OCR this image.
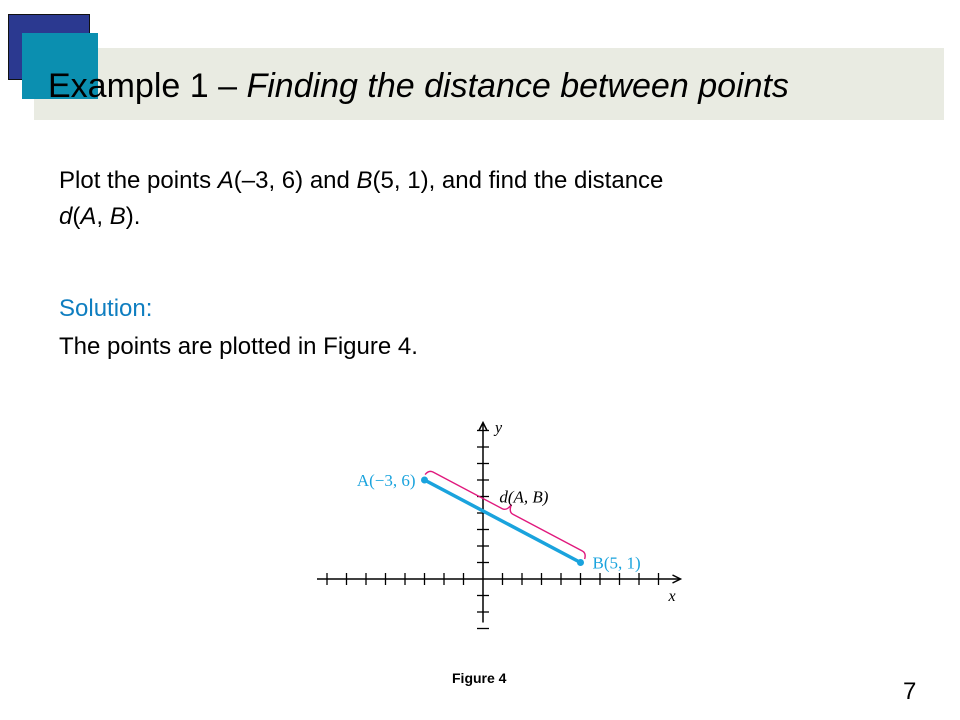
Example 1 – Finding the distance between points

Plot the points A(–3, 6) and B(5, 1), and find the distance
d(A, B).

Solution:
The points are plotted in Figure 4.
x
y
A(−3, 6)
B(5, 1)
d(A, B)
Figure 4	7
